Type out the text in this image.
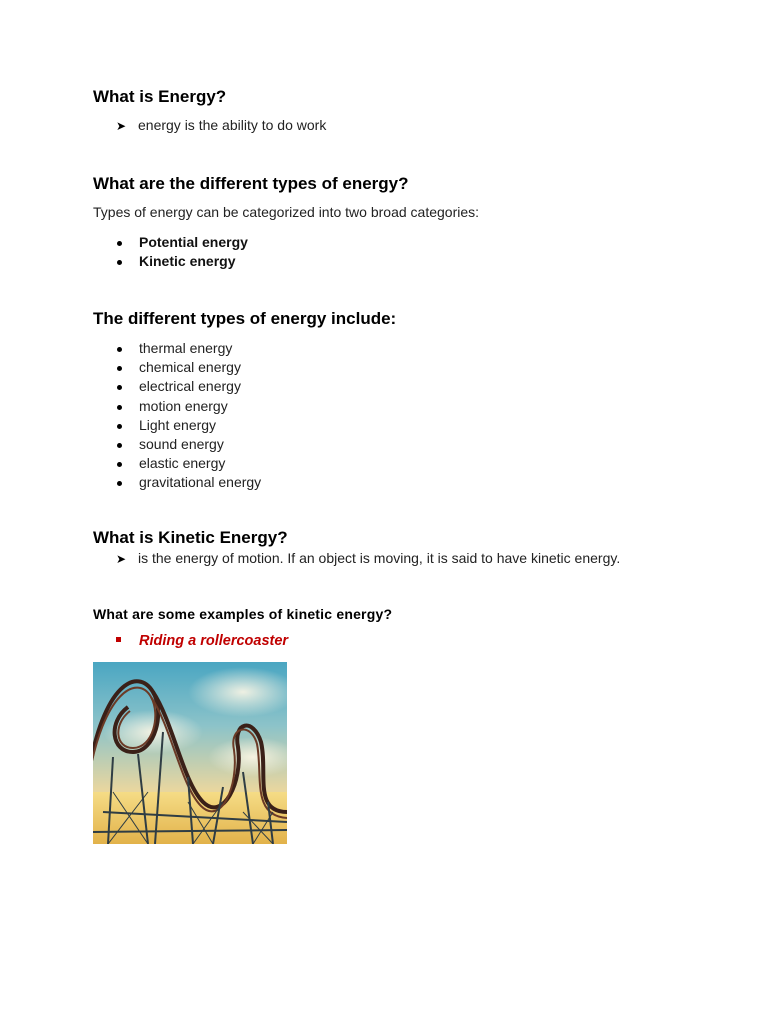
What is Energy?
➤ energy is the ability to do work
What are the different types of energy?
Types of energy can be categorized into two broad categories:
Potential energy
Kinetic energy
The different types of energy include:
thermal energy
chemical energy
electrical energy
motion energy
Light energy
sound energy
elastic energy
gravitational energy
What is Kinetic Energy?
➤ is the energy of motion. If an object is moving, it is said to have kinetic energy.
What are some examples of kinetic energy?
Riding a rollercoaster
